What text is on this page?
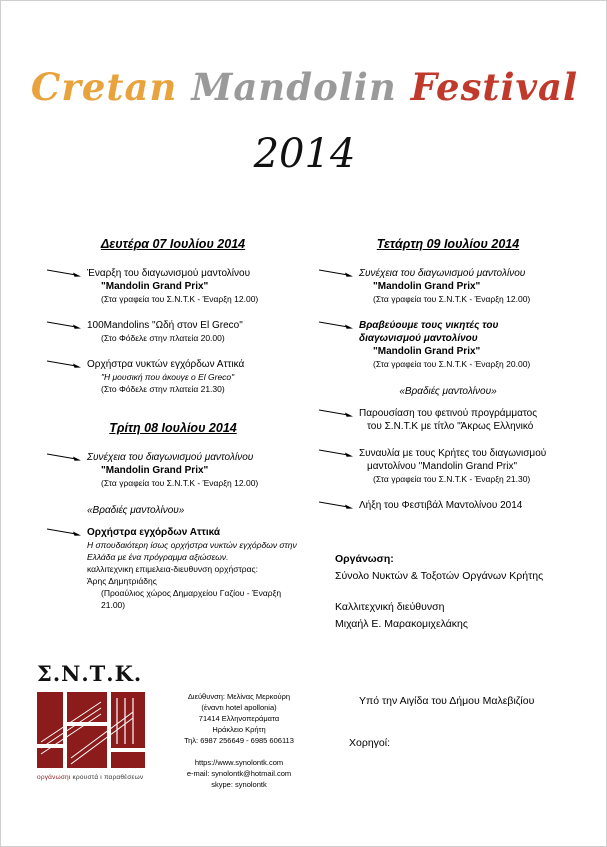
Cretan Mandolin Festival
2014
Δευτέρα 07 Ιουλίου 2014
Έναρξη του διαγωνισμού μαντολίνου
"Mandolin Grand Prix"
(Στα γραφεία του Σ.Ν.Τ.Κ - Έναρξη 12.00)
100Mandolins "Ωδή στον El Greco"
(Στο Φόδελε στην πλατεία 20.00)
Ορχήστρα νυκτών εγχόρδων Αττικά
"Η μουσική που άκουγε ο El Greco"
(Στο Φόδελε στην πλατεία 21.30)
Τρίτη 08 Ιουλίου 2014
Συνέχεια του διαγωνισμού μαντολίνου
"Mandolin Grand Prix"
(Στα γραφεία του Σ.Ν.Τ.Κ - Έναρξη 12.00)
«Βραδιές μαντολίνου»
Ορχήστρα εγχόρδων Αττικά
Η σπουδαιότερη ίσως ορχήστρα νυκτών εγχόρδων στην
Ελλάδα με ένα πρόγραμμα αξιώσεων.
καλλιτεχνικη επιμελεια-διευθυνση ορχήστρας:
Άρης Δημητριάδης
(Προαύλιος χώρος Δημαρχείου Γαζίου - Έναρξη 21.00)
Τετάρτη 09 Ιουλίου 2014
Συνέχεια του διαγωνισμού μαντολίνου
"Mandolin Grand Prix"
(Στα γραφεία του Σ.Ν.Τ.Κ - Έναρξη 12.00)
Βραβεύουμε τους νικητές του
διαγωνισμού μαντολίνου
"Mandolin Grand Prix"
(Στα γραφεία του Σ.Ν.Τ.Κ - Έναρξη 20.00)
«Βραδιές μαντολίνου»
Παρουσίαση του φετινού προγράμματος
του Σ.Ν.Τ.Κ με τίτλο "Άκρως Ελληνικό
Συναυλία με τους Κρήτες του διαγωνισμού
μαντολίνου "Mandolin Grand Prix"
(Στα γραφεία του Σ.Ν.Τ.Κ - Έναρξη 21.30)
Λήξη του Φεστιβάλ Μαντολίνου 2014
Οργάνωση:
Σύνολο Νυκτών & Τοξοτών Οργάνων Κρήτης
Καλλιτεχνική διεύθυνση
Μιχαήλ Ε. Μαρακομιχελάκης
Σ.Ν.Τ.Κ.
οργάνωσηι κρουστά ι παραθέσεων
Διεύθυνση: Μελίνας Μερκούρη
(έναντι hotel apollonia)
71414 Ελληνοπεράματα
Ηράκλειο Κρήτη
Τηλ: 6987 256649 - 6985 606113

https://www.synolontk.com
e-mail: synolontk@hotmail.com
skype: synolontk
Υπό την Αιγίδα του Δήμου Μαλεβιζίου
Χορηγοί:
